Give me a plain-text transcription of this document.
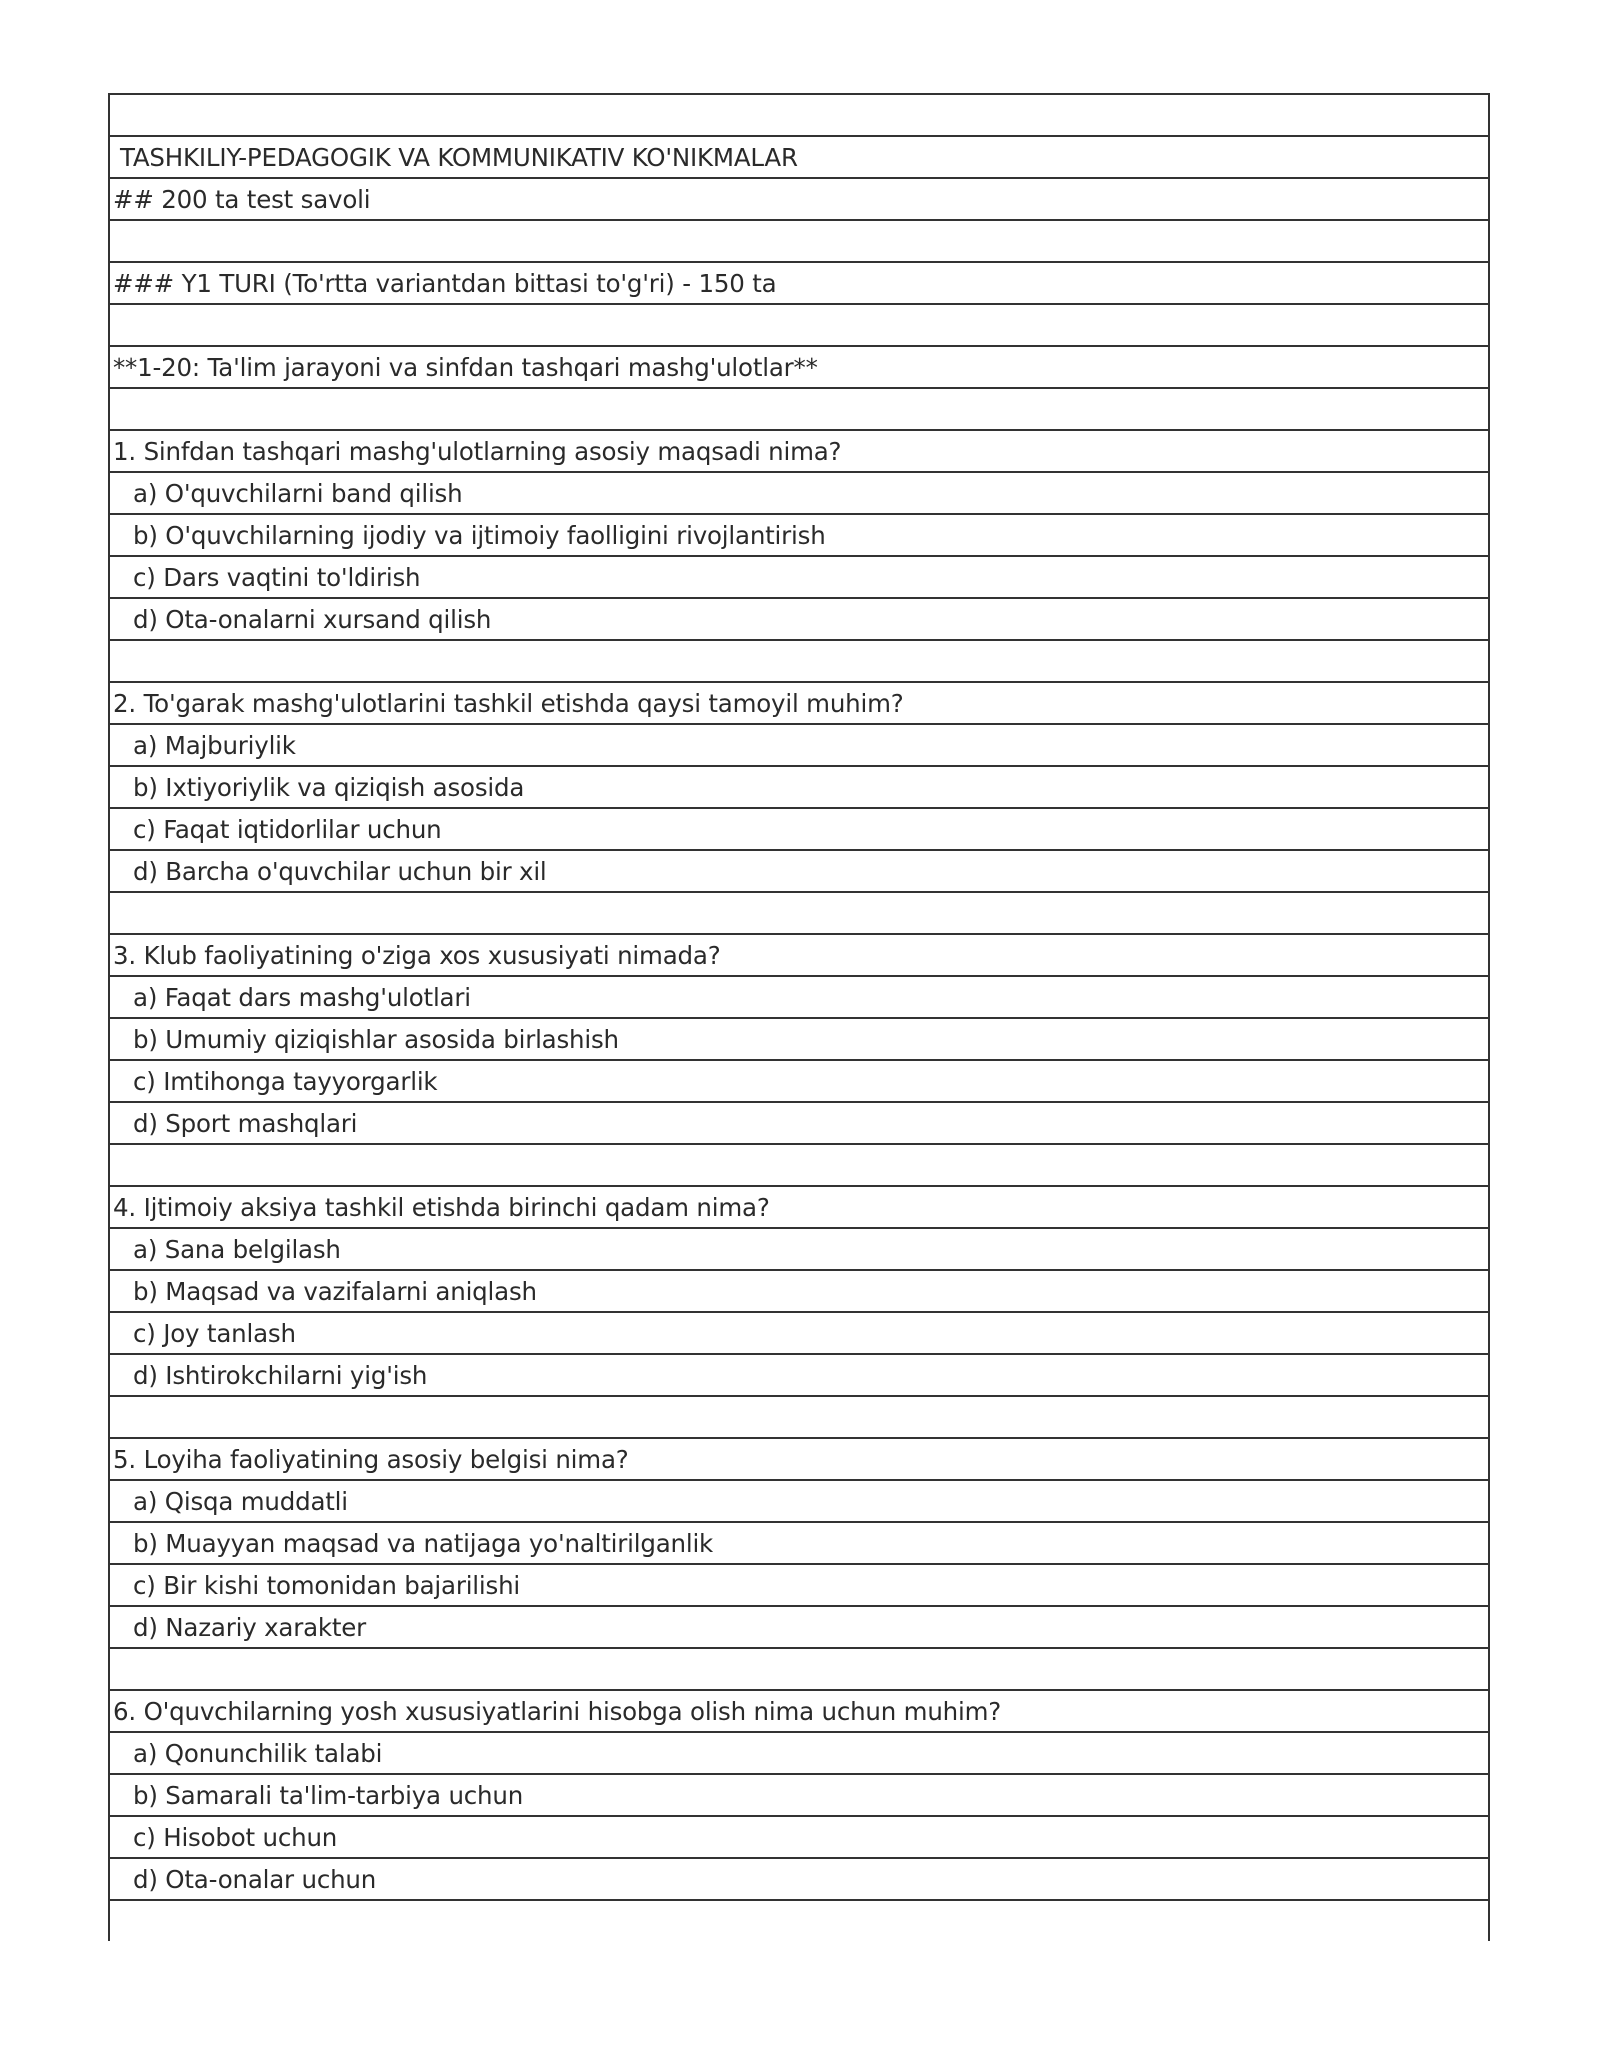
TASHKILIY-PEDAGOGIK VA KOMMUNIKATIV KO'NIKMALAR
## 200 ta test savoli
### Y1 TURI (To'rtta variantdan bittasi to'g'ri) - 150 ta
**1-20: Ta'lim jarayoni va sinfdan tashqari mashg'ulotlar**
1. Sinfdan tashqari mashg'ulotlarning asosiy maqsadi nima?
a) O'quvchilarni band qilish
b) O'quvchilarning ijodiy va ijtimoiy faolligini rivojlantirish
c) Dars vaqtini to'ldirish
d) Ota-onalarni xursand qilish
2. To'garak mashg'ulotlarini tashkil etishda qaysi tamoyil muhim?
a) Majburiylik
b) Ixtiyoriylik va qiziqish asosida
c) Faqat iqtidorlilar uchun
d) Barcha o'quvchilar uchun bir xil
3. Klub faoliyatining o'ziga xos xususiyati nimada?
a) Faqat dars mashg'ulotlari
b) Umumiy qiziqishlar asosida birlashish
c) Imtihonga tayyorgarlik
d) Sport mashqlari
4. Ijtimoiy aksiya tashkil etishda birinchi qadam nima?
a) Sana belgilash
b) Maqsad va vazifalarni aniqlash
c) Joy tanlash
d) Ishtirokchilarni yig'ish
5. Loyiha faoliyatining asosiy belgisi nima?
a) Qisqa muddatli
b) Muayyan maqsad va natijaga yo'naltirilganlik
c) Bir kishi tomonidan bajarilishi
d) Nazariy xarakter
6. O'quvchilarning yosh xususiyatlarini hisobga olish nima uchun muhim?
a) Qonunchilik talabi
b) Samarali ta'lim-tarbiya uchun
c) Hisobot uchun
d) Ota-onalar uchun
